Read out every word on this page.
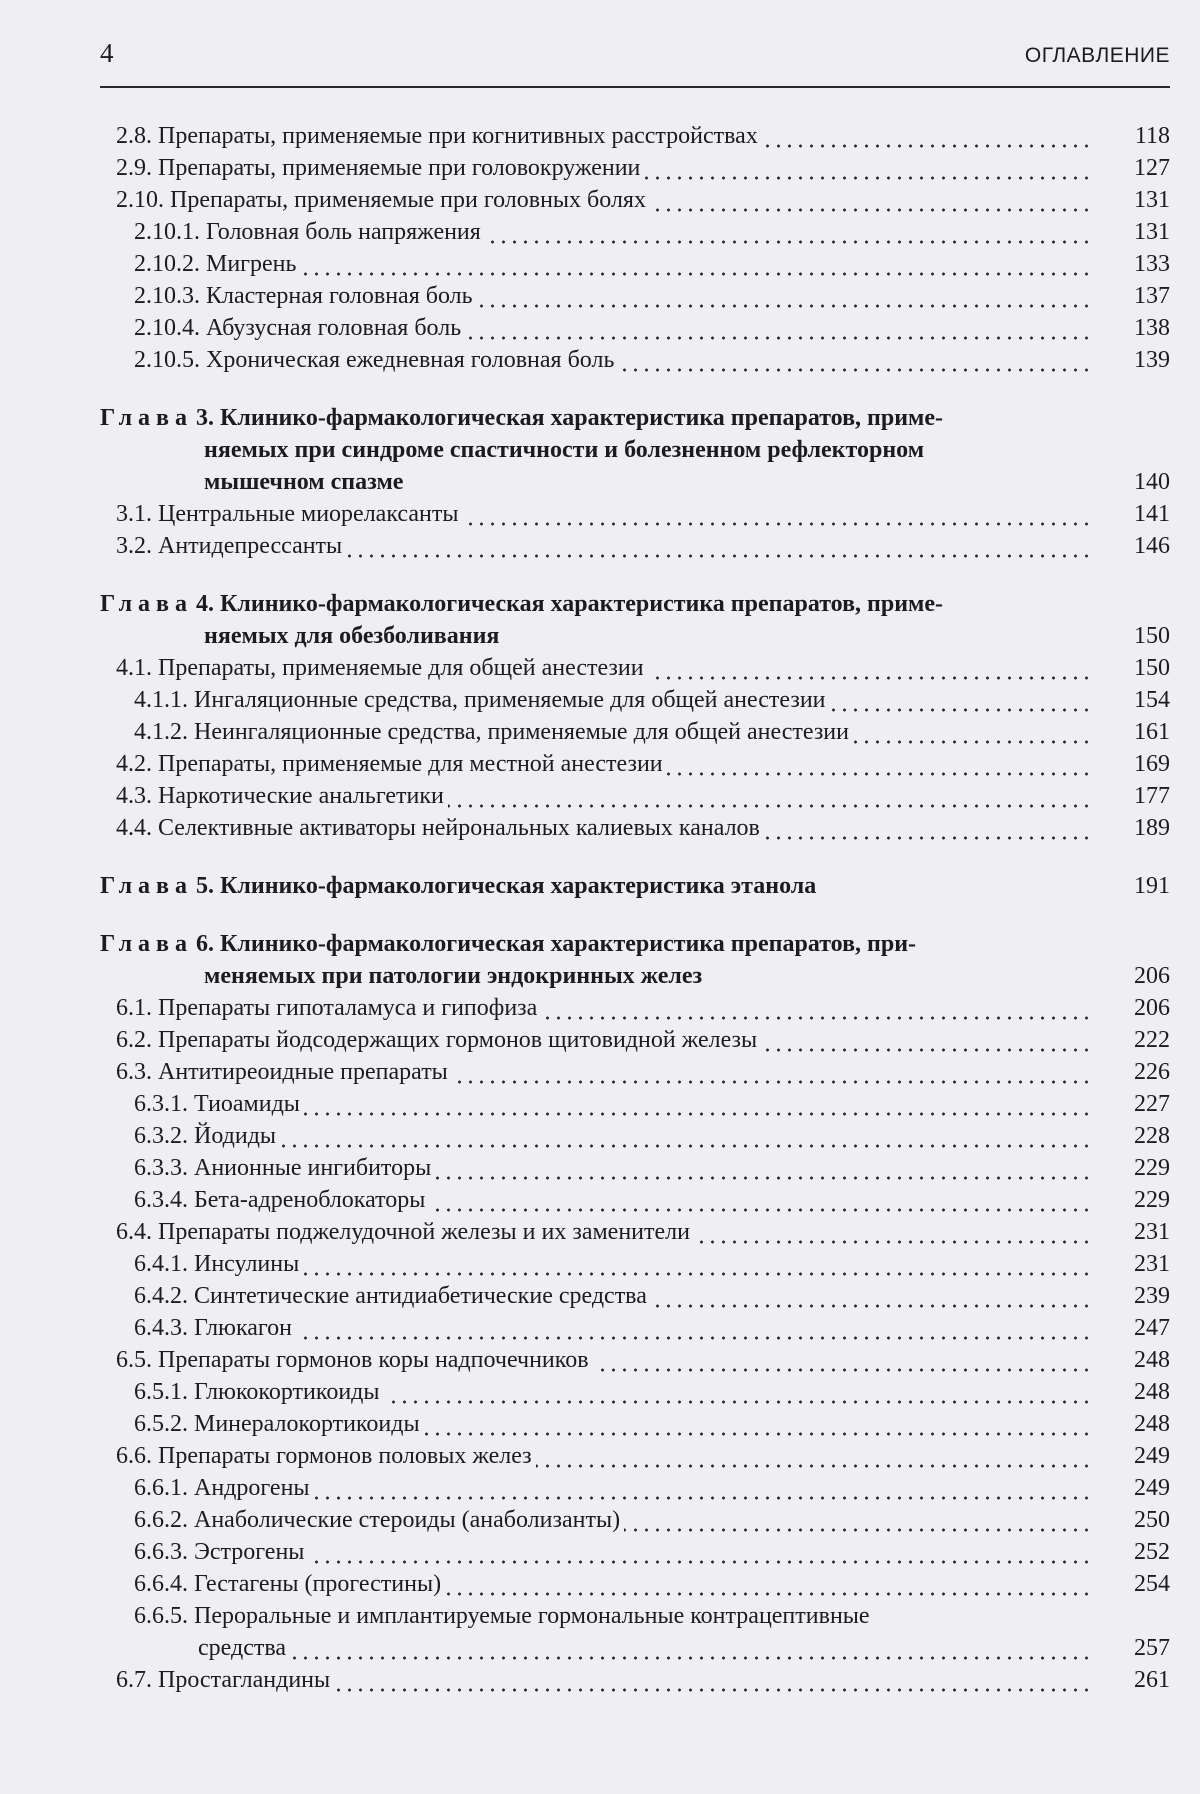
4	ОГЛАВЛЕНИЕ
2.8. Препараты, применяемые при когнитивных расстройствах	118
2.9. Препараты, применяемые при головокружении	127
2.10. Препараты, применяемые при головных болях	131
2.10.1. Головная боль напряжения	131
2.10.2. Мигрень	133
2.10.3. Кластерная головная боль	137
2.10.4. Абузусная головная боль	138
2.10.5. Хроническая ежедневная головная боль	139
Глава 3. Клинико-фармакологическая характеристика препаратов, приме-
няемых при синдроме спастичности и болезненном рефлекторном
мышечном спазме	140
3.1. Центральные миорелаксанты	141
3.2. Антидепрессанты	146
Глава 4. Клинико-фармакологическая характеристика препаратов, приме-
няемых для обезболивания	150
4.1. Препараты, применяемые для общей анестезии	150
4.1.1. Ингаляционные средства, применяемые для общей анестезии	154
4.1.2. Неингаляционные средства, применяемые для общей анестезии	161
4.2. Препараты, применяемые для местной анестезии	169
4.3. Наркотические анальгетики	177
4.4. Селективные активаторы нейрональных калиевых каналов	189
Глава 5. Клинико-фармакологическая характеристика этанола	191
Глава 6. Клинико-фармакологическая характеристика препаратов, при-
меняемых при патологии эндокринных желез	206
6.1. Препараты гипоталамуса и гипофиза	206
6.2. Препараты йодсодержащих гормонов щитовидной железы	222
6.3. Антитиреоидные препараты	226
6.3.1. Тиоамиды	227
6.3.2. Йодиды	228
6.3.3. Анионные ингибиторы	229
6.3.4. Бета-адреноблокаторы	229
6.4. Препараты поджелудочной железы и их заменители	231
6.4.1. Инсулины	231
6.4.2. Синтетические антидиабетические средства	239
6.4.3. Глюкагон	247
6.5. Препараты гормонов коры надпочечников	248
6.5.1. Глюкокортикоиды	248
6.5.2. Минералокортикоиды	248
6.6. Препараты гормонов половых желез	249
6.6.1. Андрогены	249
6.6.2. Анаболические стероиды (анаболизанты)	250
6.6.3. Эстрогены	252
6.6.4. Гестагены (прогестины)	254
6.6.5. Пероральные и имплантируемые гормональные контрацептивные
средства	257
6.7. Простагландины	261
